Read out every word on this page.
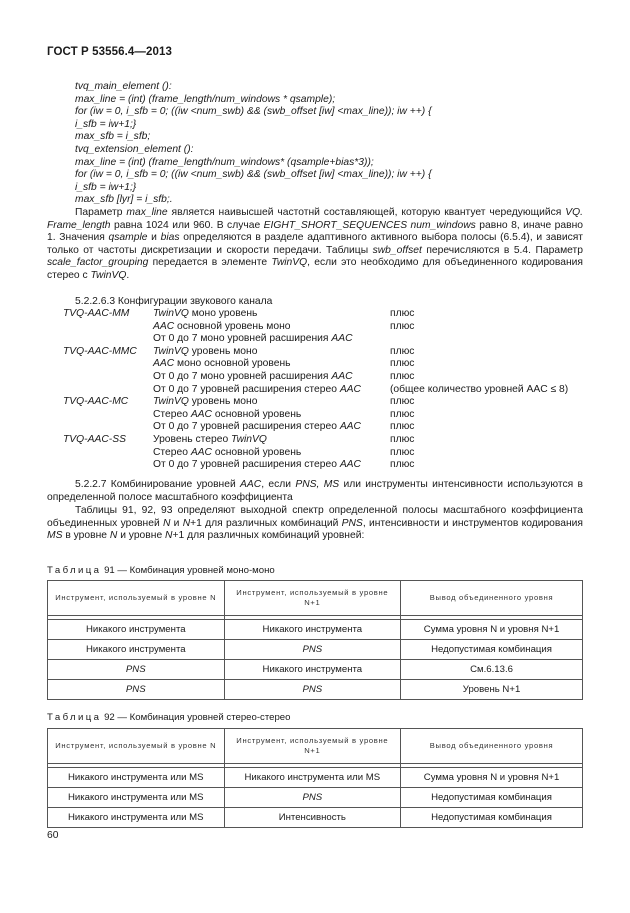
ГОСТ Р 53556.4—2013
tvq_main_element ():
max_line = (int) (frame_length/num_windows * qsample);
for (iw = 0, i_sfb = 0; ((iw <num_swb) && (swb_offset [iw] <max_line)); iw ++) {
i_sfb = iw+1;}
max_sfb = i_sfb;
tvq_extension_element ():
max_line = (int) (frame_length/num_windows* (qsample+bias*3));
for (iw = 0, i_sfb = 0; ((iw <num_swb) && (swb_offset [iw] <max_line)); iw ++) {
i_sfb = iw+1;}
max_sfb [lyr] = i_sfb;.
Параметр max_line является наивысшей частотнй составляющей, которую квантует чередующийся VQ. Frame_length равна 1024 или 960. В случае EIGHT_SHORT_SEQUENCES num_windows равно 8, иначе равно 1. Значения qsample и bias определяются в разделе адаптивного активного выбора полосы (6.5.4), и зависят только от частоты дискретизации и скорости передачи. Таблицы swb_offset перечисляются в 5.4. Параметр scale_factor_grouping передается в элементе TwinVQ, если это необходимо для объединенного кодирования стерео с TwinVQ.
5.2.2.6.3 Конфигурации звукового канала
TVQ-AAC-MM TwinVQ моно уровень	плюс
AAC основной уровень моно	плюс
От 0 до 7 моно уровней расширения AAC
TVQ-AAC-MMC TwinVQ уровень моно	плюс
AAC моно основной уровень	плюс
От 0 до 7 моно уровней расширения AAC	плюс
От 0 до 7 уровней расширения стерео AAC	(общее количество уровней AAC ≤ 8)
TVQ-AAC-MC TwinVQ уровень моно	плюс
Стерео AAC основной уровень	плюс
От 0 до 7 уровней расширения стерео AAC	плюс
TVQ-AAC-SS	Уровень стерео TwinVQ	плюс
Стерео AAC основной уровень	плюс
От 0 до 7 уровней расширения стерео AAC	плюс
5.2.2.7 Комбинирование уровней AAC, если PNS, MS или инструменты интенсивности используются в определенной полосе масштабного коэффициента
Таблицы 91, 92, 93 определяют выходной спектр определенной полосы масштабного коэффициента объединенных уровней N и N+1 для различных комбинаций PNS, интенсивности и инструментов кодирования MS в уровне N и уровне N+1 для различных комбинаций уровней:
Таблица 91 — Комбинация уровней моно-моно
Инструмент, используемый в уровне N	Инструмент, используемый в уровне N+1	Вывод объединенного уровня

Никакого инструмента	Никакого инструмента	Сумма уровня N и уровня N+1
Никакого инструмента	PNS	Недопустимая комбинация
PNS	Никакого инструмента	См.6.13.6
PNS	PNS	Уровень N+1
Таблица 92 — Комбинация уровней стерео-стерео
Инструмент, используемый в уровне N	Инструмент, используемый в уровне N+1	Вывод объединенного уровня

Никакого инструмента или MS	Никакого инструмента или MS	Сумма уровня N и уровня N+1
Никакого инструмента или MS	PNS	Недопустимая комбинация
Никакого инструмента или MS	Интенсивность	Недопустимая комбинация
60
